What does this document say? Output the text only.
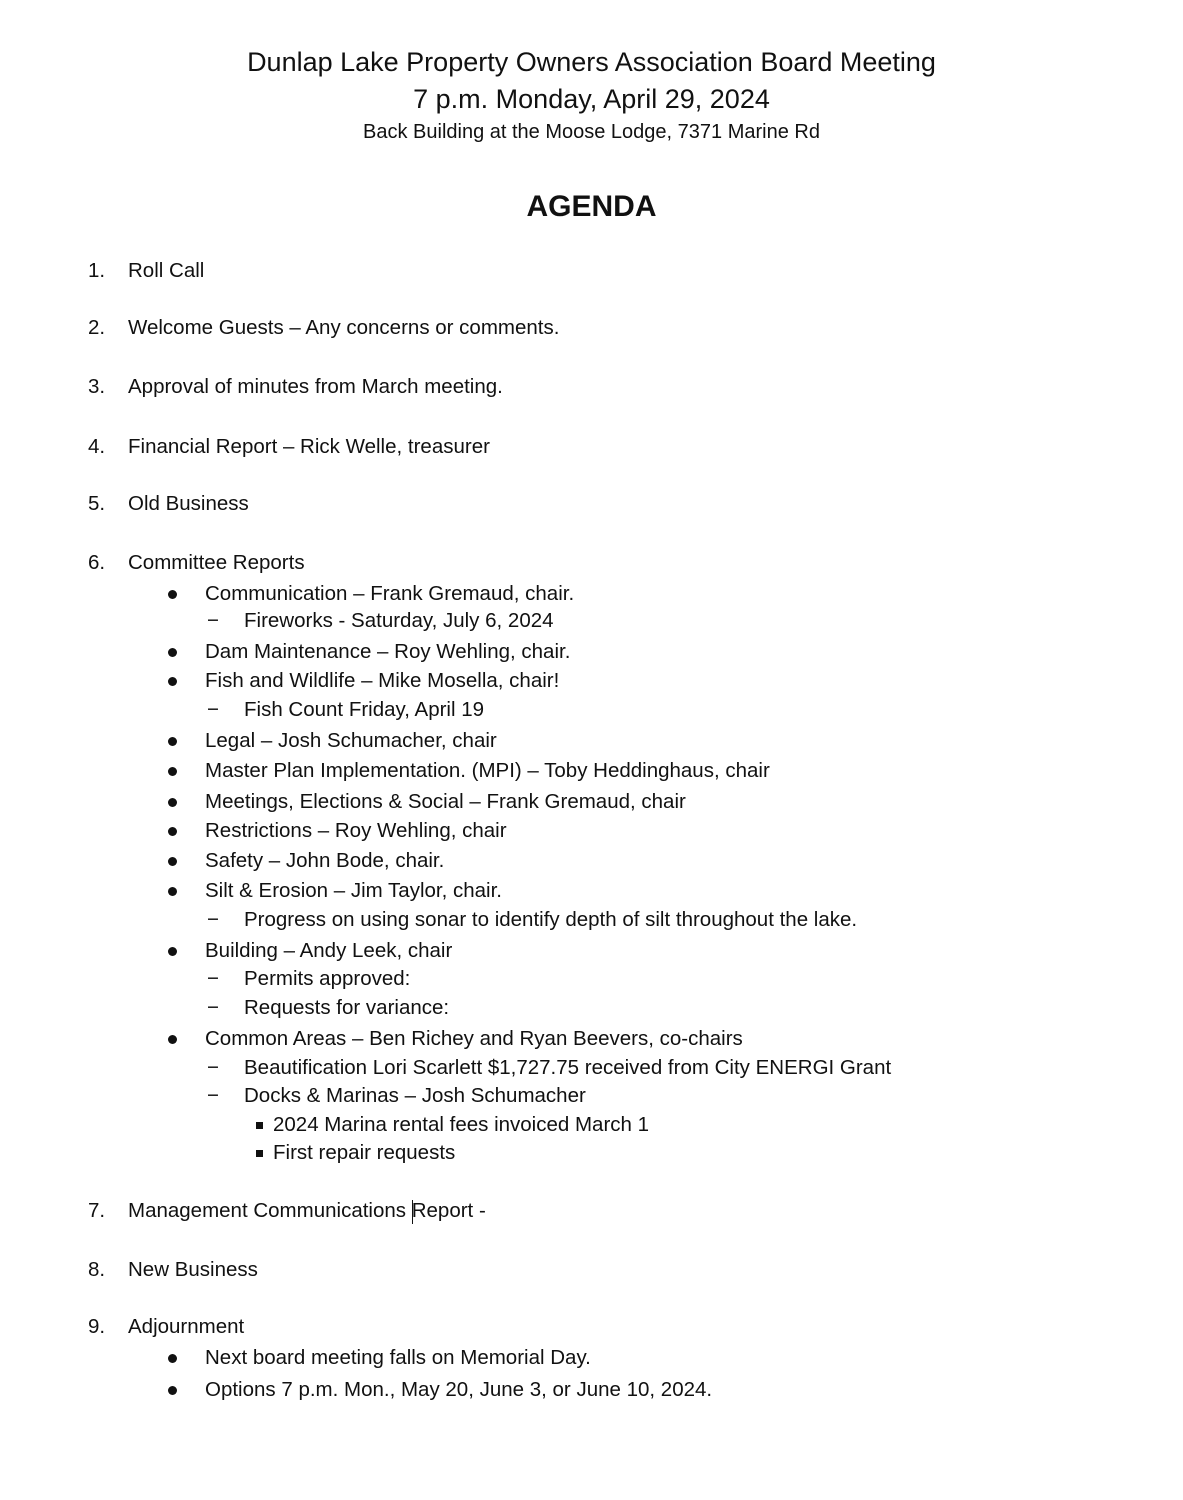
Dunlap Lake Property Owners Association Board Meeting
7 p.m. Monday, April 29, 2024
Back Building at the Moose Lodge, 7371 Marine Rd
AGENDA
1. Roll Call
2. Welcome Guests – Any concerns or comments.
3. Approval of minutes from March meeting.
4. Financial Report – Rick Welle, treasurer
5. Old Business
6. Committee Reports
Communication – Frank Gremaud, chair.
− Fireworks - Saturday, July 6, 2024
Dam Maintenance – Roy Wehling, chair.
Fish and Wildlife – Mike Mosella, chair!
− Fish Count Friday, April 19
Legal – Josh Schumacher, chair
Master Plan Implementation. (MPI) – Toby Heddinghaus, chair
Meetings, Elections & Social – Frank Gremaud, chair
Restrictions – Roy Wehling, chair
Safety – John Bode, chair.
Silt & Erosion – Jim Taylor, chair.
− Progress on using sonar to identify depth of silt throughout the lake.
Building – Andy Leek, chair
− Permits approved:
− Requests for variance:
Common Areas – Ben Richey and Ryan Beevers, co-chairs
− Beautification Lori Scarlett $1,727.75 received from City ENERGI Grant
− Docks & Marinas – Josh Schumacher
2024 Marina rental fees invoiced March 1
First repair requests
7. Management Communications Report -
8. New Business
9. Adjournment
Next board meeting falls on Memorial Day.
Options 7 p.m. Mon., May 20, June 3, or June 10, 2024.
